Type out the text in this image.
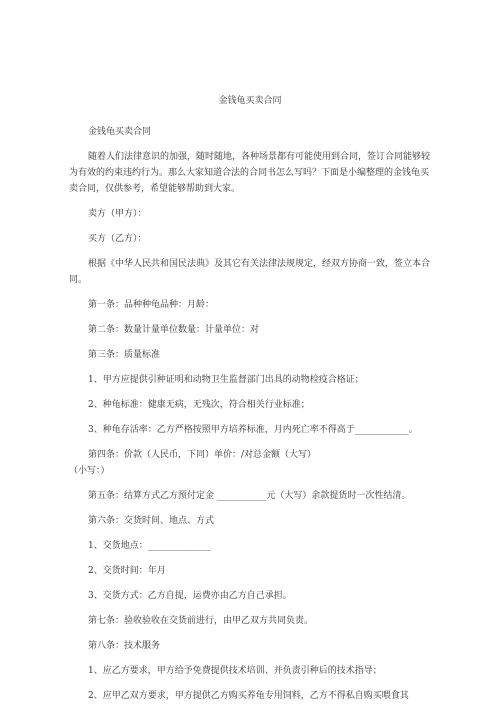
金钱龟买卖合同

金钱龟买卖合同

随着人们法律意识的加强，随时随地，各种场景都有可能使用到合同，签订合同能够较为有效的约束违约行为。那么大家知道合法的合同书怎么写吗？下面是小编整理的金钱龟买卖合同，仅供参考，希望能够帮助到大家。

卖方（甲方）：

买方（乙方）：

根据《中华人民共和国民法典》及其它有关法律法规规定，经双方协商一致，签立本合同。

第一条：品种种龟品种：月龄：

第二条：数量计量单位数量：计量单位：对

第三条：质量标准

1、甲方应提供引种证明和动物卫生监督部门出具的动物检疫合格证；

2、种龟标准：健康无病，无残次，符合相关行业标准；

3、种龟存活率：乙方严格按照甲方培养标准，月内死亡率不得高于____________。

第四条：价款（人民币，下同）单价：/对总金额（大写）

（小写：）

第五条：结算方式乙方预付定金 ___________元（大写）余款提货时一次性结清。

第六条：交货时间、地点、方式

1、交货地点：______________

2、交货时间：年月

3、交货方式：乙方自提，运费亦由乙方自己承担。

第七条：验收验收在交货前进行，由甲乙双方共同负责。

第八条：技术服务

1、应乙方要求，甲方给予免费提供技术培训、并负责引种后的技术指导；

2、应甲乙双方要求，甲方提供乙方购买养龟专用饲料，乙方不得私自购买喂食其
